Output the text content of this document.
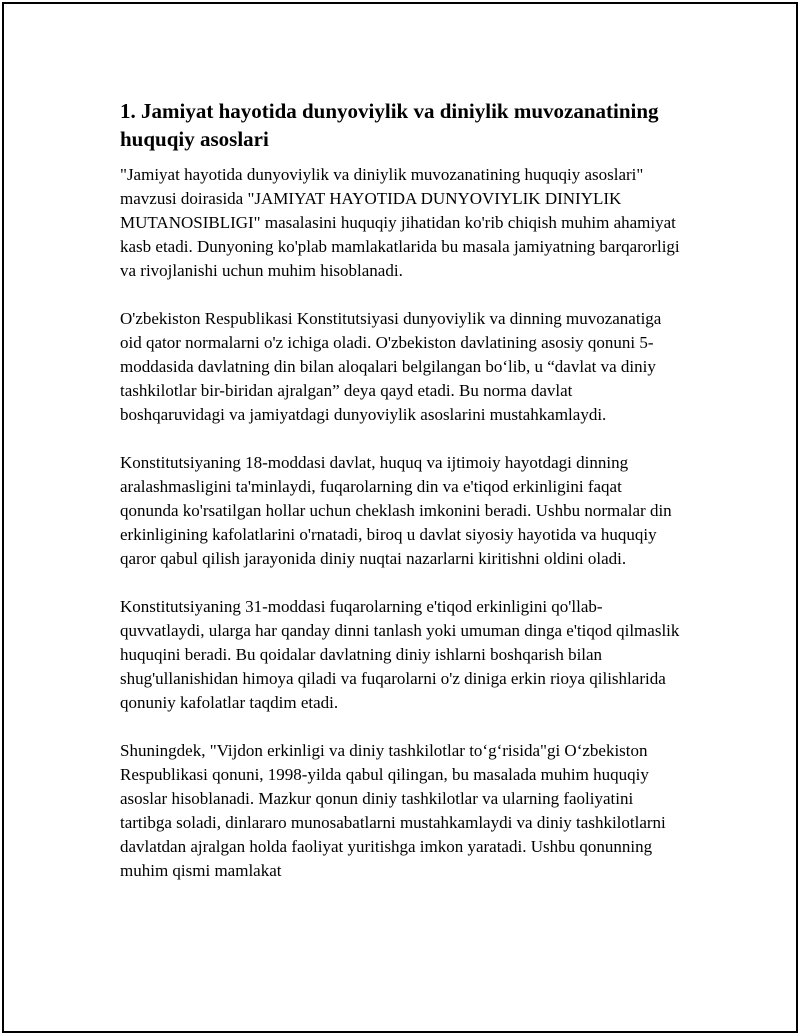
1. Jamiyat hayotida dunyoviylik va diniylik muvozanatining huquqiy asoslari

"Jamiyat hayotida dunyoviylik va diniylik muvozanatining huquqiy asoslari" mavzusi doirasida "JAMIYAT HAYOTIDA DUNYOVIYLIK DINIYLIK MUTANOSIBLIGI" masalasini huquqiy jihatidan ko'rib chiqish muhim ahamiyat kasb etadi. Dunyoning ko'plab mamlakatlarida bu masala jamiyatning barqarorligi va rivojlanishi uchun muhim hisoblanadi.

O'zbekiston Respublikasi Konstitutsiyasi dunyoviylik va dinning muvozanatiga oid qator normalarni o'z ichiga oladi. O'zbekiston davlatining asosiy qonuni 5-moddasida davlatning din bilan aloqalari belgilangan bo‘lib, u “davlat va diniy tashkilotlar bir-biridan ajralgan” deya qayd etadi. Bu norma davlat boshqaruvidagi va jamiyatdagi dunyoviylik asoslarini mustahkamlaydi.

Konstitutsiyaning 18-moddasi davlat, huquq va ijtimoiy hayotdagi dinning aralashmasligini ta'minlaydi, fuqarolarning din va e'tiqod erkinligini faqat qonunda ko'rsatilgan hollar uchun cheklash imkonini beradi. Ushbu normalar din erkinligining kafolatlarini o'rnatadi, biroq u davlat siyosiy hayotida va huquqiy qaror qabul qilish jarayonida diniy nuqtai nazarlarni kiritishni oldini oladi.

Konstitutsiyaning 31-moddasi fuqarolarning e'tiqod erkinligini qo'llab-quvvatlaydi, ularga har qanday dinni tanlash yoki umuman dinga e'tiqod qilmaslik huquqini beradi. Bu qoidalar davlatning diniy ishlarni boshqarish bilan shug'ullanishidan himoya qiladi va fuqarolarni o'z diniga erkin rioya qilishlarida qonuniy kafolatlar taqdim etadi.

Shuningdek, "Vijdon erkinligi va diniy tashkilotlar to‘g‘risida"gi O‘zbekiston Respublikasi qonuni, 1998-yilda qabul qilingan, bu masalada muhim huquqiy asoslar hisoblanadi. Mazkur qonun diniy tashkilotlar va ularning faoliyatini tartibga soladi, dinlararo munosabatlarni mustahkamlaydi va diniy tashkilotlarni davlatdan ajralgan holda faoliyat yuritishga imkon yaratadi. Ushbu qonunning muhim qismi mamlakat
